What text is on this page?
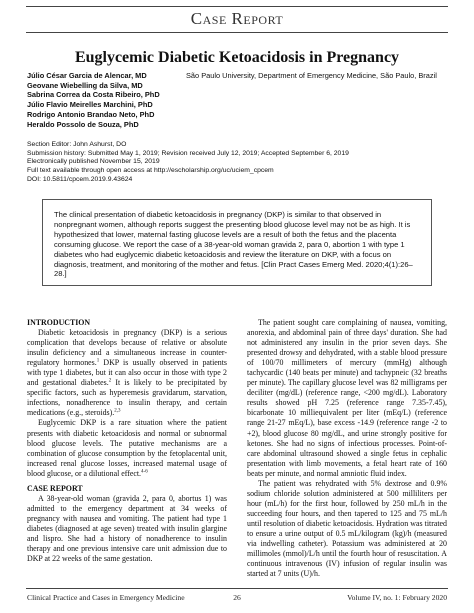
Case Report
Euglycemic Diabetic Ketoacidosis in Pregnancy
Júlio César Garcia de Alencar, MD
Geovane Wiebelling da Silva, MD
Sabrina Correa da Costa Ribeiro, PhD
Júlio Flavio Meirelles Marchini, PhD
Rodrigo Antonio Brandao Neto, PhD
Heraldo Possolo de Souza, PhD
São Paulo University, Department of Emergency Medicine, São Paulo, Brazil
Section Editor: John Ashurst, DO
Submission history: Submitted May 1, 2019; Revision received July 12, 2019; Accepted September 6, 2019
Electronically published November 15, 2019
Full text available through open access at http://escholarship.org/uc/uciem_cpcem
DOI: 10.5811/cpcem.2019.9.43624
The clinical presentation of diabetic ketoacidosis in pregnancy (DKP) is similar to that observed in nonpregnant women, although reports suggest the presenting blood glucose level may not be as high. It is hypothesized that lower, maternal fasting glucose levels are a result of both the fetus and the placenta consuming glucose. We report the case of a 38-year-old woman gravida 2, para 0, abortion 1 with type 1 diabetes who had euglycemic diabetic ketoacidosis and review the literature on DKP, with a focus on diagnosis, treatment, and monitoring of the mother and fetus. [Clin Pract Cases Emerg Med. 2020;4(1):26–28.]
INTRODUCTION

Diabetic ketoacidosis in pregnancy (DKP) is a serious complication that develops because of relative or absolute insulin deficiency and a simultaneous increase in counter-regulatory hormones.$^1$ DKP is usually observed in patients with type 1 diabetes, but it can also occur in those with type 2 and gestational diabetes.$^2$ It is likely to be precipitated by specific factors, such as hyperemesis gravidarum, starvation, infections, nonadherence to insulin therapy, and certain medications (e.g., steroids).$^{2,3}$

Euglycemic DKP is a rare situation where the patient presents with diabetic ketoacidosis and normal or subnormal blood glucose levels. The putative mechanisms are a combination of glucose consumption by the fetoplacental unit, increased renal glucose losses, increased maternal usage of blood glucose, or a dilutional effect.$^{4-6}$

CASE REPORT

A 38-year-old woman (gravida 2, para 0, abortus 1) was admitted to the emergency department at 34 weeks of pregnancy with nausea and vomiting. The patient had type 1 diabetes (diagnosed at age seven) treated with insulin glargine and lispro. She had a history of nonadherence to insulin therapy and one previous intensive care unit admission due to DKP at 22 weeks of the same gestation.

The patient sought care complaining of nausea, vomiting, anorexia, and abdominal pain of three days' duration. She had not administered any insulin in the prior seven days. She presented drowsy and dehydrated, with a stable blood pressure of 100/70 millimeters of mercury (mmHg) although tachycardic (140 beats per minute) and tachypneic (32 breaths per minute). The capillary glucose level was 82 milligrams per deciliter (mg/dL) (reference range, <200 mg/dL). Laboratory results showed pH 7.25 (reference range 7.35-7.45), bicarbonate 10 milliequivalent per liter (mEq/L) (reference range 21-27 mEq/L), base excess -14.9 (reference range -2 to +2), blood glucose 80 mg/dL, and urine strongly positive for ketones. She had no signs of infectious processes. Point-of-care abdominal ultrasound showed a single fetus in cephalic presentation with limb movements, a fetal heart rate of 160 beats per minute, and normal amniotic fluid index.

The patient was rehydrated with 5% dextrose and 0.9% sodium chloride solution administered at 500 milliliters per hour (mL/h) for the first hour, followed by 250 mL/h in the succeeding four hours, and then tapered to 125 and 75 mL/h until resolution of diabetic ketoacidosis. Hydration was titrated to ensure a urine output of 0.5 mL/kilogram (kg)/h (measured via indwelling catheter). Potassium was administered at 20 millimoles (mmol)/L/h until the fourth hour of resuscitation. A continuous intravenous (IV) infusion of regular insulin was started at 7 units (U)/h.

Clinical Practice and Cases in Emergency Medicine	26	Volume IV, no. 1: February 2020
